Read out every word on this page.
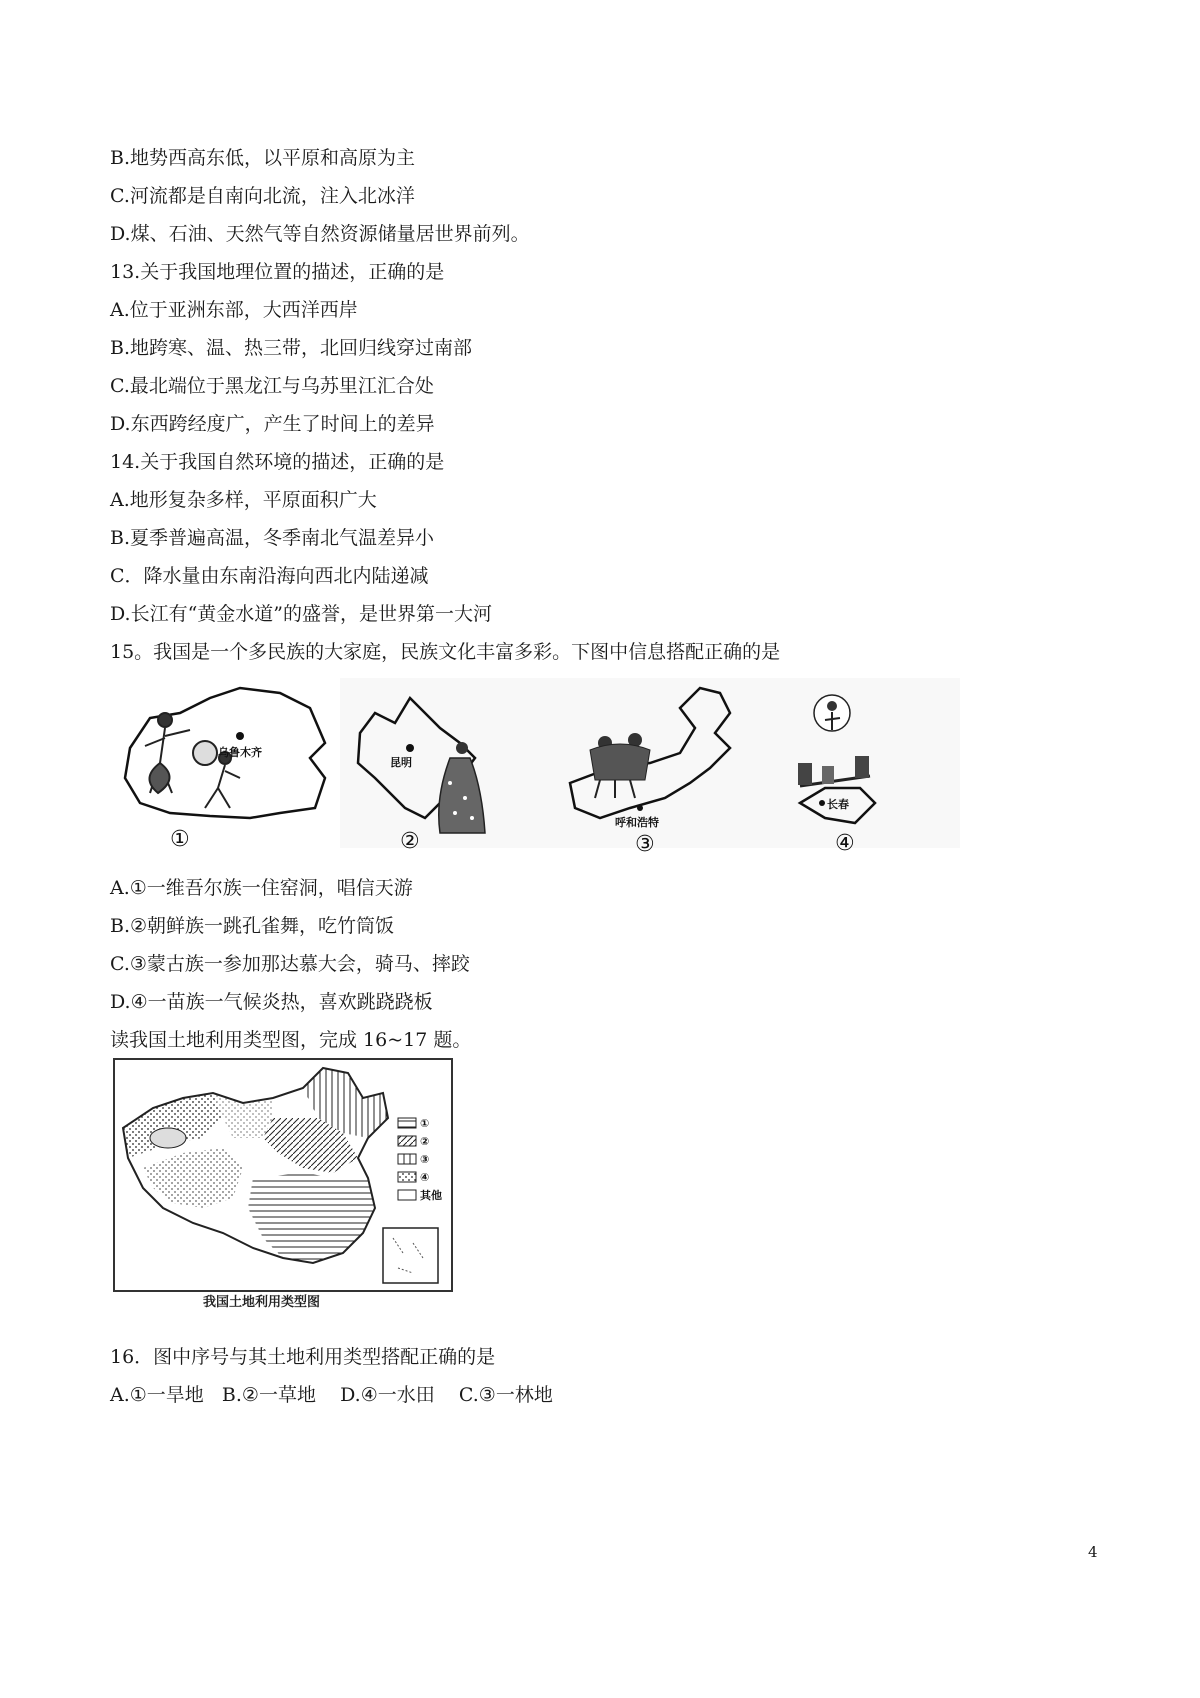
B.地势西高东低，以平原和高原为主
C.河流都是自南向北流，注入北冰洋
D.煤、石油、天然气等自然资源储量居世界前列。
13.关于我国地理位置的描述，正确的是
A.位于亚洲东部，大西洋西岸
B.地跨寒、温、热三带，北回归线穿过南部
C.最北端位于黑龙江与乌苏里江汇合处
D.东西跨经度广，产生了时间上的差异
14.关于我国自然环境的描述，正确的是
A.地形复杂多样，平原面积广大
B.夏季普遍高温，冬季南北气温差异小
C．降水量由东南沿海向西北内陆递减
D.长江有“黄金水道”的盛誉，是世界第一大河
15。我国是一个多民族的大家庭，民族文化丰富多彩。下图中信息搭配正确的是
乌鲁木齐
①
昆明
②
呼和浩特
③
长春
④
A.①一维吾尔族一住窑洞，唱信天游
B.②朝鲜族一跳孔雀舞，吃竹筒饭
C.③蒙古族一参加那达慕大会，骑马、摔跤
D.④一苗族一气候炎热，喜欢跳跷跷板
读我国土地利用类型图，完成 16~17 题。
①
②
③
④
其他
我国土地利用类型图
16．图中序号与其土地利用类型搭配正确的是
A.①一旱地   B.②一草地    D.④一水田    C.③一林地
4
